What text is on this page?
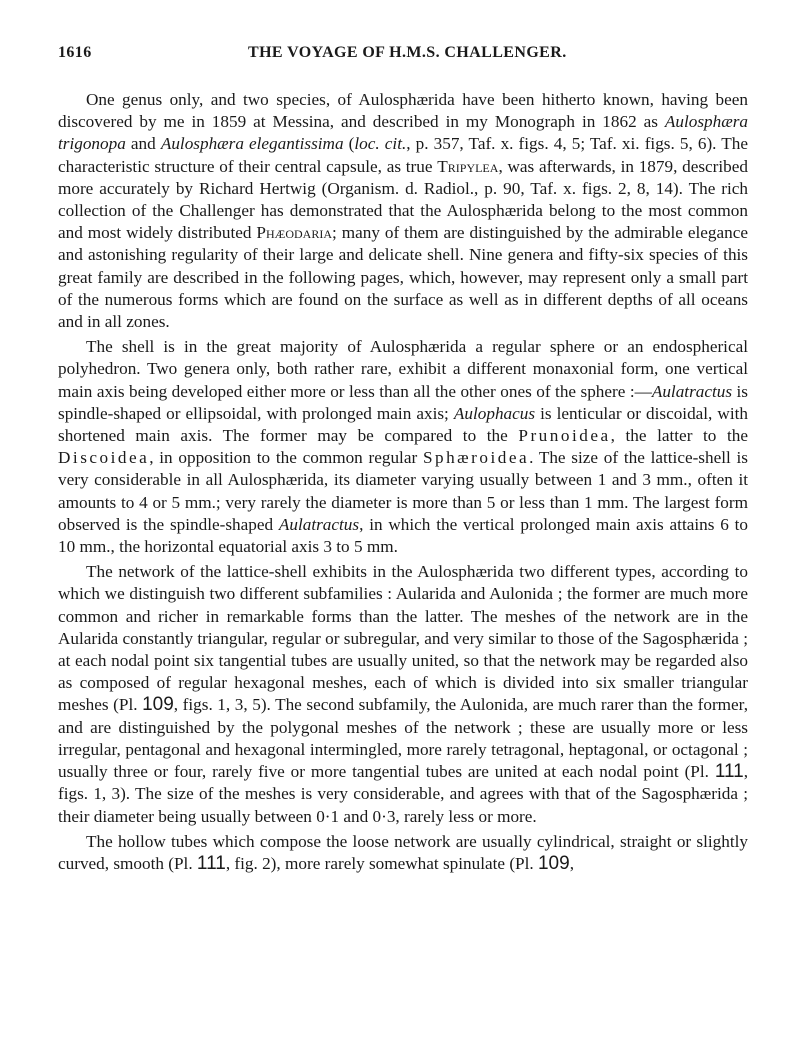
1616	THE VOYAGE OF H.M.S. CHALLENGER.

One genus only, and two species, of Aulosphærida have been hitherto known, having been discovered by me in 1859 at Messina, and described in my Monograph in 1862 as Aulosphæra trigonopa and Aulosphæra elegantissima (loc. cit., p. 357, Taf. x. figs. 4, 5; Taf. xi. figs. 5, 6). The characteristic structure of their central capsule, as true Tripylea, was afterwards, in 1879, described more accurately by Richard Hertwig (Organism. d. Radiol., p. 90, Taf. x. figs. 2, 8, 14). The rich collection of the Challenger has demonstrated that the Aulosphærida belong to the most common and most widely distributed Phæodaria; many of them are distinguished by the admirable elegance and astonishing regularity of their large and delicate shell. Nine genera and fifty-six species of this great family are described in the following pages, which, however, may represent only a small part of the numerous forms which are found on the surface as well as in different depths of all oceans and in all zones.

The shell is in the great majority of Aulosphærida a regular sphere or an endospherical polyhedron. Two genera only, both rather rare, exhibit a different monaxonial form, one vertical main axis being developed either more or less than all the other ones of the sphere :—Aulatractus is spindle-shaped or ellipsoidal, with prolonged main axis; Aulophacus is lenticular or discoidal, with shortened main axis. The former may be compared to the Prunoidea, the latter to the Discoidea, in opposition to the common regular Sphæroidea. The size of the lattice-shell is very considerable in all Aulosphærida, its diameter varying usually between 1 and 3 mm., often it amounts to 4 or 5 mm.; very rarely the diameter is more than 5 or less than 1 mm. The largest form observed is the spindle-shaped Aulatractus, in which the vertical prolonged main axis attains 6 to 10 mm., the horizontal equatorial axis 3 to 5 mm.

The network of the lattice-shell exhibits in the Aulosphærida two different types, according to which we distinguish two different subfamilies : Aularida and Aulonida ; the former are much more common and richer in remarkable forms than the latter. The meshes of the network are in the Aularida constantly triangular, regular or subregular, and very similar to those of the Sagosphærida ; at each nodal point six tangential tubes are usually united, so that the network may be regarded also as composed of regular hexagonal meshes, each of which is divided into six smaller triangular meshes (Pl. 109, figs. 1, 3, 5). The second subfamily, the Aulonida, are much rarer than the former, and are distinguished by the polygonal meshes of the network ; these are usually more or less irregular, pentagonal and hexagonal intermingled, more rarely tetragonal, heptagonal, or octagonal ; usually three or four, rarely five or more tangential tubes are united at each nodal point (Pl. 111, figs. 1, 3). The size of the meshes is very considerable, and agrees with that of the Sagosphærida ; their diameter being usually between 0·1 and 0·3, rarely less or more.

The hollow tubes which compose the loose network are usually cylindrical, straight or slightly curved, smooth (Pl. 111, fig. 2), more rarely somewhat spinulate (Pl. 109,
